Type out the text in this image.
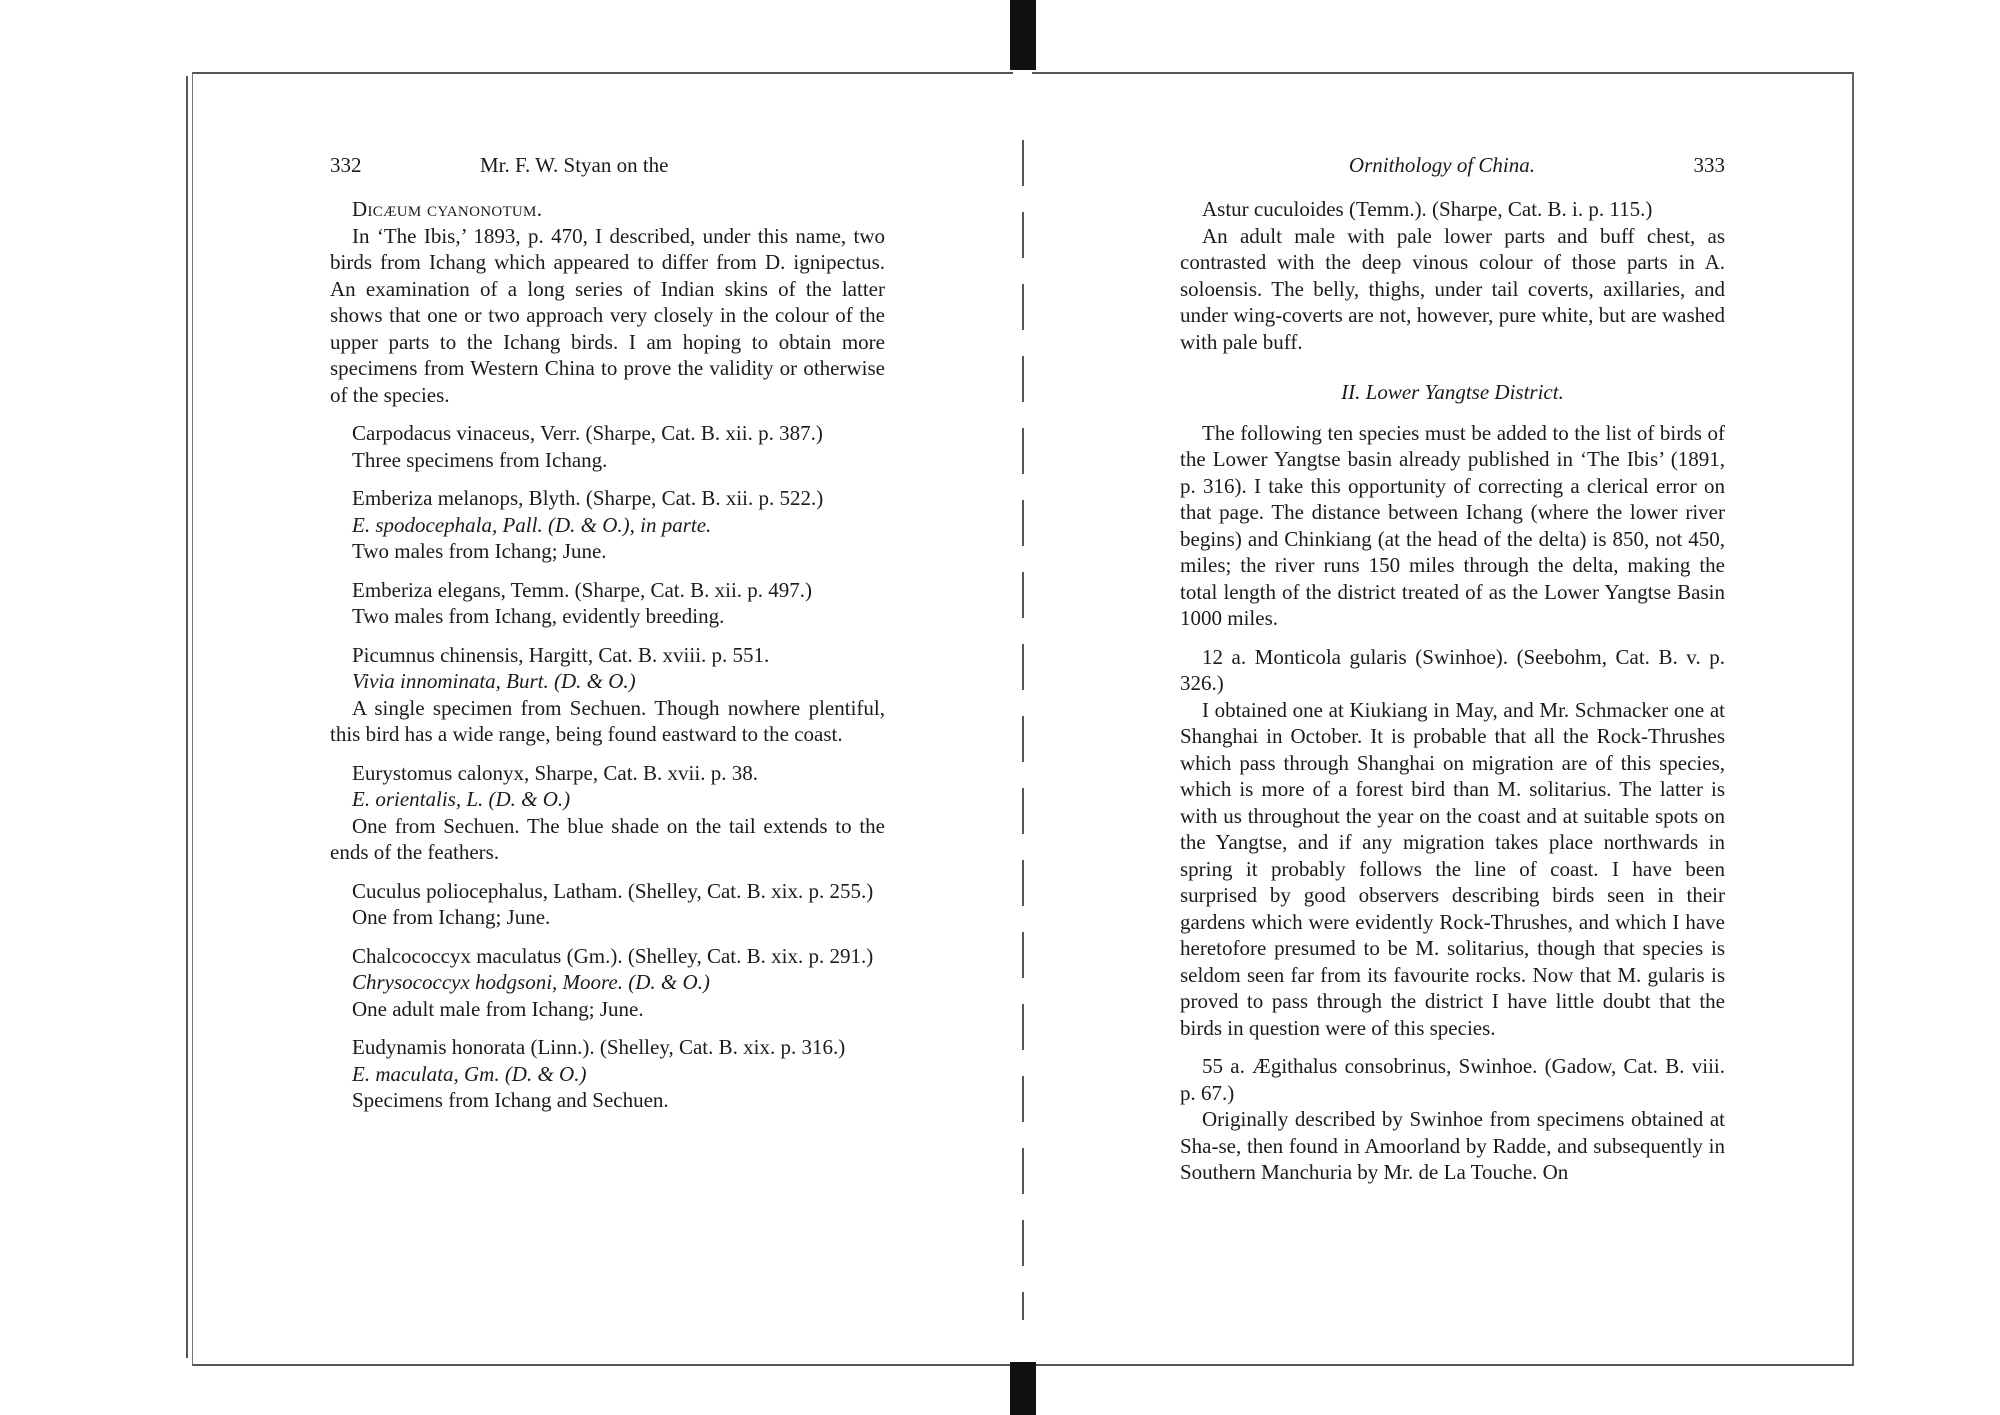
332	Mr. F. W. Styan on the

Dicæum cyanonotum.

In ‘The Ibis,’ 1893, p. 470, I described, under this name, two birds from Ichang which appeared to differ from D. ignipectus. An examination of a long series of Indian skins of the latter shows that one or two approach very closely in the colour of the upper parts to the Ichang birds. I am hoping to obtain more specimens from Western China to prove the validity or otherwise of the species.

Carpodacus vinaceus, Verr. (Sharpe, Cat. B. xii. p. 387.)

Three specimens from Ichang.

Emberiza melanops, Blyth. (Sharpe, Cat. B. xii. p. 522.)

E. spodocephala, Pall. (D. & O.), in parte.

Two males from Ichang; June.

Emberiza elegans, Temm. (Sharpe, Cat. B. xii. p. 497.)

Two males from Ichang, evidently breeding.

Picumnus chinensis, Hargitt, Cat. B. xviii. p. 551.

Vivia innominata, Burt. (D. & O.)

A single specimen from Sechuen. Though nowhere plentiful, this bird has a wide range, being found eastward to the coast.

Eurystomus calonyx, Sharpe, Cat. B. xvii. p. 38.

E. orientalis, L. (D. & O.)

One from Sechuen. The blue shade on the tail extends to the ends of the feathers.

Cuculus poliocephalus, Latham. (Shelley, Cat. B. xix. p. 255.)

One from Ichang; June.

Chalcococcyx maculatus (Gm.). (Shelley, Cat. B. xix. p. 291.)

Chrysococcyx hodgsoni, Moore. (D. & O.)

One adult male from Ichang; June.

Eudynamis honorata (Linn.). (Shelley, Cat. B. xix. p. 316.)

E. maculata, Gm. (D. & O.)

Specimens from Ichang and Sechuen.

Ornithology of China.	333

Astur cuculoides (Temm.). (Sharpe, Cat. B. i. p. 115.)

An adult male with pale lower parts and buff chest, as contrasted with the deep vinous colour of those parts in A. soloensis. The belly, thighs, under tail coverts, axillaries, and under wing-coverts are not, however, pure white, but are washed with pale buff.

II. Lower Yangtse District.

The following ten species must be added to the list of birds of the Lower Yangtse basin already published in ‘The Ibis’ (1891, p. 316). I take this opportunity of correcting a clerical error on that page. The distance between Ichang (where the lower river begins) and Chinkiang (at the head of the delta) is 850, not 450, miles; the river runs 150 miles through the delta, making the total length of the district treated of as the Lower Yangtse Basin 1000 miles.

12 a. Monticola gularis (Swinhoe). (Seebohm, Cat. B. v. p. 326.)

I obtained one at Kiukiang in May, and Mr. Schmacker one at Shanghai in October. It is probable that all the Rock-Thrushes which pass through Shanghai on migration are of this species, which is more of a forest bird than M. solitarius. The latter is with us throughout the year on the coast and at suitable spots on the Yangtse, and if any migration takes place northwards in spring it probably follows the line of coast. I have been surprised by good observers describing birds seen in their gardens which were evidently Rock-Thrushes, and which I have heretofore presumed to be M. solitarius, though that species is seldom seen far from its favourite rocks. Now that M. gularis is proved to pass through the district I have little doubt that the birds in question were of this species.

55 a. Ægithalus consobrinus, Swinhoe. (Gadow, Cat. B. viii. p. 67.)

Originally described by Swinhoe from specimens obtained at Sha-se, then found in Amoorland by Radde, and subsequently in Southern Manchuria by Mr. de La Touche. On
